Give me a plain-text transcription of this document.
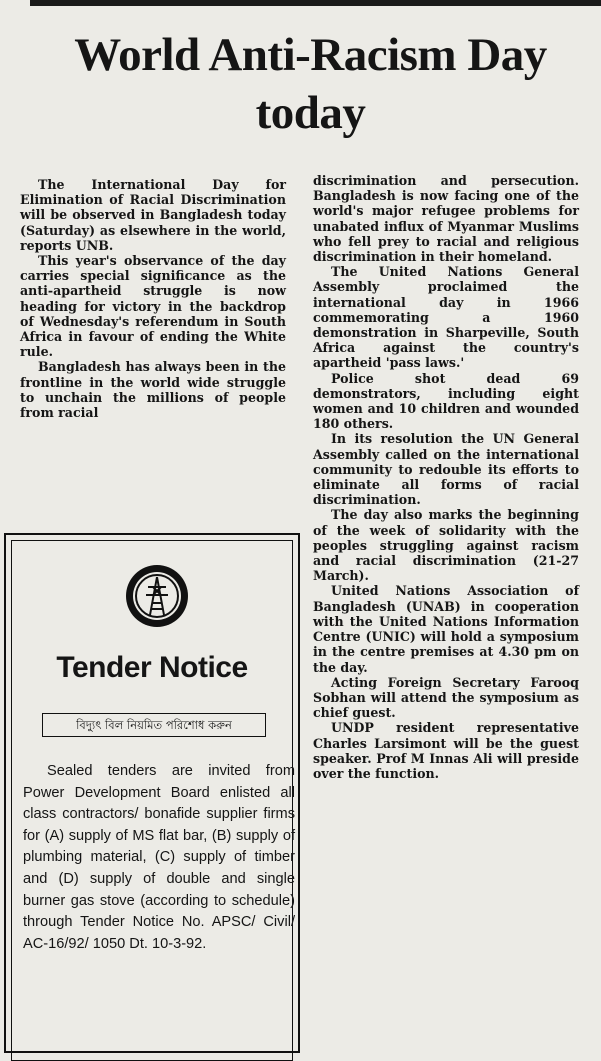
World Anti-Racism Day today

The International Day for Elimination of Racial Discrimination will be observed in Bangladesh today (Saturday) as elsewhere in the world, reports UNB.

This year's observance of the day carries special significance as the anti-apartheid struggle is now heading for victory in the backdrop of Wednesday's referendum in South Africa in favour of ending the White rule.

Bangladesh has always been in the frontline in the world wide struggle to unchain the millions of people from racial

discrimination and persecution. Bangladesh is now facing one of the world's major refugee problems for unabated influx of Myanmar Muslims who fell prey to racial and religious discrimination in their homeland.

The United Nations General Assembly proclaimed the international day in 1966 commemorating a 1960 demonstration in Sharpeville, South Africa against the country's apartheid 'pass laws.'

Police shot dead 69 demonstrators, including eight women and 10 children and wounded 180 others.

In its resolution the UN General Assembly called on the international community to redouble its efforts to eliminate all forms of racial discrimination.

The day also marks the beginning of the week of solidarity with the peoples struggling against racism and racial discrimination (21-27 March).

United Nations Association of Bangladesh (UNAB) in cooperation with the United Nations Information Centre (UNIC) will hold a symposium in the centre premises at 4.30 pm on the day.

Acting Foreign Secretary Farooq Sobhan will attend the symposium as chief guest.

UNDP resident representative Charles Larsimont will be the guest speaker. Prof M Innas Ali will preside over the function.

Tender Notice
বিদ্যুৎ বিল নিয়মিত পরিশোধ করুন

Sealed tenders are invited from Power Development Board enlisted all class contractors/ bonafide supplier firms for (A) supply of MS flat bar, (B) supply of plumbing material, (C) supply of timber and (D) supply of double and single burner gas stove (according to schedule) through Tender Notice No. APSC/ Civil/ AC-16/92/ 1050 Dt. 10-3-92.
